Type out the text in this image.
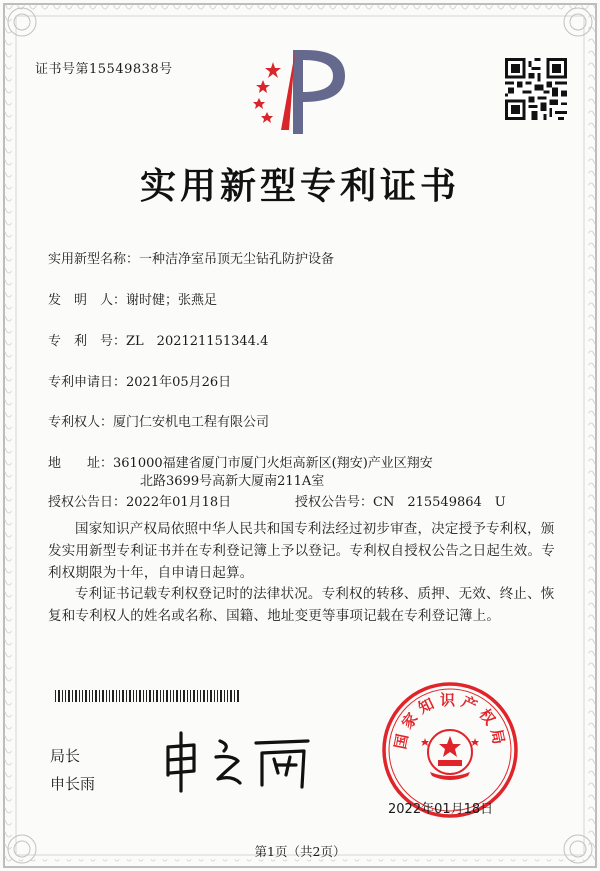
证书号第15549838号
实用新型专利证书
实用新型名称：一种洁净室吊顶无尘钻孔防护设备
发　明　人：谢时健；张燕足
专　利　号：ZL　202121151344.4
专利申请日：2021年05月26日
专利权人：厦门仁安机电工程有限公司
地　　址：361000福建省厦门市厦门火炬高新区(翔安)产业区翔安
北路3699号高新大厦南211A室
授权公告日：2022年01月18日	授权公告号：CN　215549864　U
国家知识产权局依照中华人民共和国专利法经过初步审查，决定授予专利权，颁发实用新型专利证书并在专利登记簿上予以登记。专利权自授权公告之日起生效。专利权期限为十年，自申请日起算。
专利证书记载专利权登记时的法律状况。专利权的转移、质押、无效、终止、恢复和专利权人的姓名或名称、国籍、地址变更等事项记载在专利登记簿上。
局长
申长雨
国家知识产权局
2022年01月18日
第1页（共2页）
